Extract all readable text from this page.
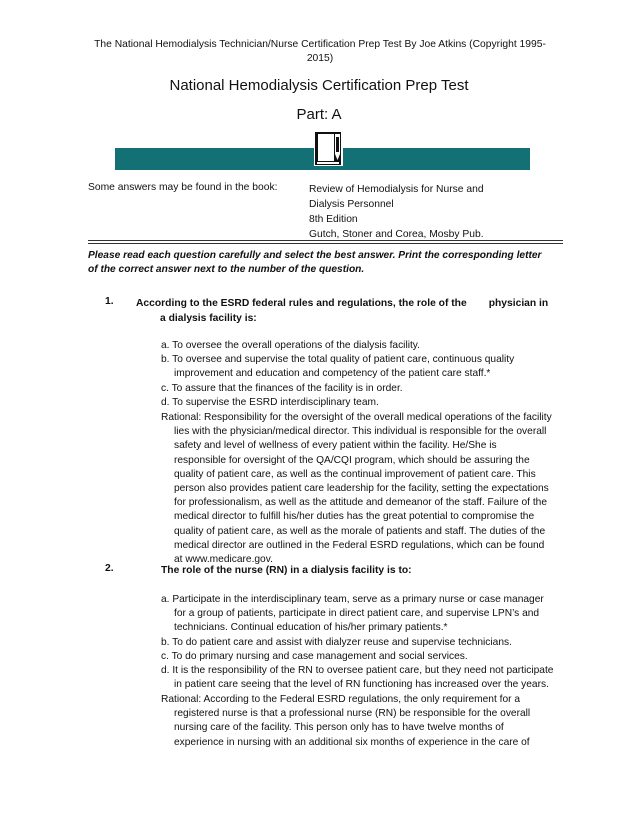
The National Hemodialysis Technician/Nurse Certification Prep Test By Joe Atkins (Copyright 1995-
2015)
National Hemodialysis Certification Prep Test
Part: A
Some answers may be found in the book:	Review of Hemodialysis for Nurse and
Dialysis Personnel
8th Edition
Gutch, Stoner and Corea, Mosby Pub.
Please read each question carefully and select the best answer. Print the corresponding letter
of the correct answer next to the number of the question.
1. According to the ESRD federal rules and regulations, the role of the physician in
a dialysis facility is:

a. To oversee the overall operations of the dialysis facility.

b. To oversee and supervise the total quality of patient care, continuous quality

improvement and education and competency of the patient care staff.*

c. To assure that the finances of the facility is in order.

d. To supervise the ESRD interdisciplinary team.

Rational: Responsibility for the oversight of the overall medical operations of the facility

lies with the physician/medical director. This individual is responsible for the overall

safety and level of wellness of every patient within the facility. He/She is

responsible for oversight of the QA/CQI program, which should be assuring the

quality of patient care, as well as the continual improvement of patient care. This

person also provides patient care leadership for the facility, setting the expectations

for professionalism, as well as the attitude and demeanor of the staff. Failure of the

medical director to fulfill his/her duties has the great potential to compromise the

quality of patient care, as well as the morale of patients and staff. The duties of the

medical director are outlined in the Federal ESRD regulations, which can be found

at www.medicare.gov.

2.	The role of the nurse (RN) in a dialysis facility is to:

a. Participate in the interdisciplinary team, serve as a primary nurse or case manager

for a group of patients, participate in direct patient care, and supervise LPN’s and

technicians. Continual education of his/her primary patients.*

b. To do patient care and assist with dialyzer reuse and supervise technicians.

c. To do primary nursing and case management and social services.

d. It is the responsibility of the RN to oversee patient care, but they need not participate

in patient care seeing that the level of RN functioning has increased over the years.

Rational: According to the Federal ESRD regulations, the only requirement for a

registered nurse is that a professional nurse (RN) be responsible for the overall

nursing care of the facility. This person only has to have twelve months of

experience in nursing with an additional six months of experience in the care of
